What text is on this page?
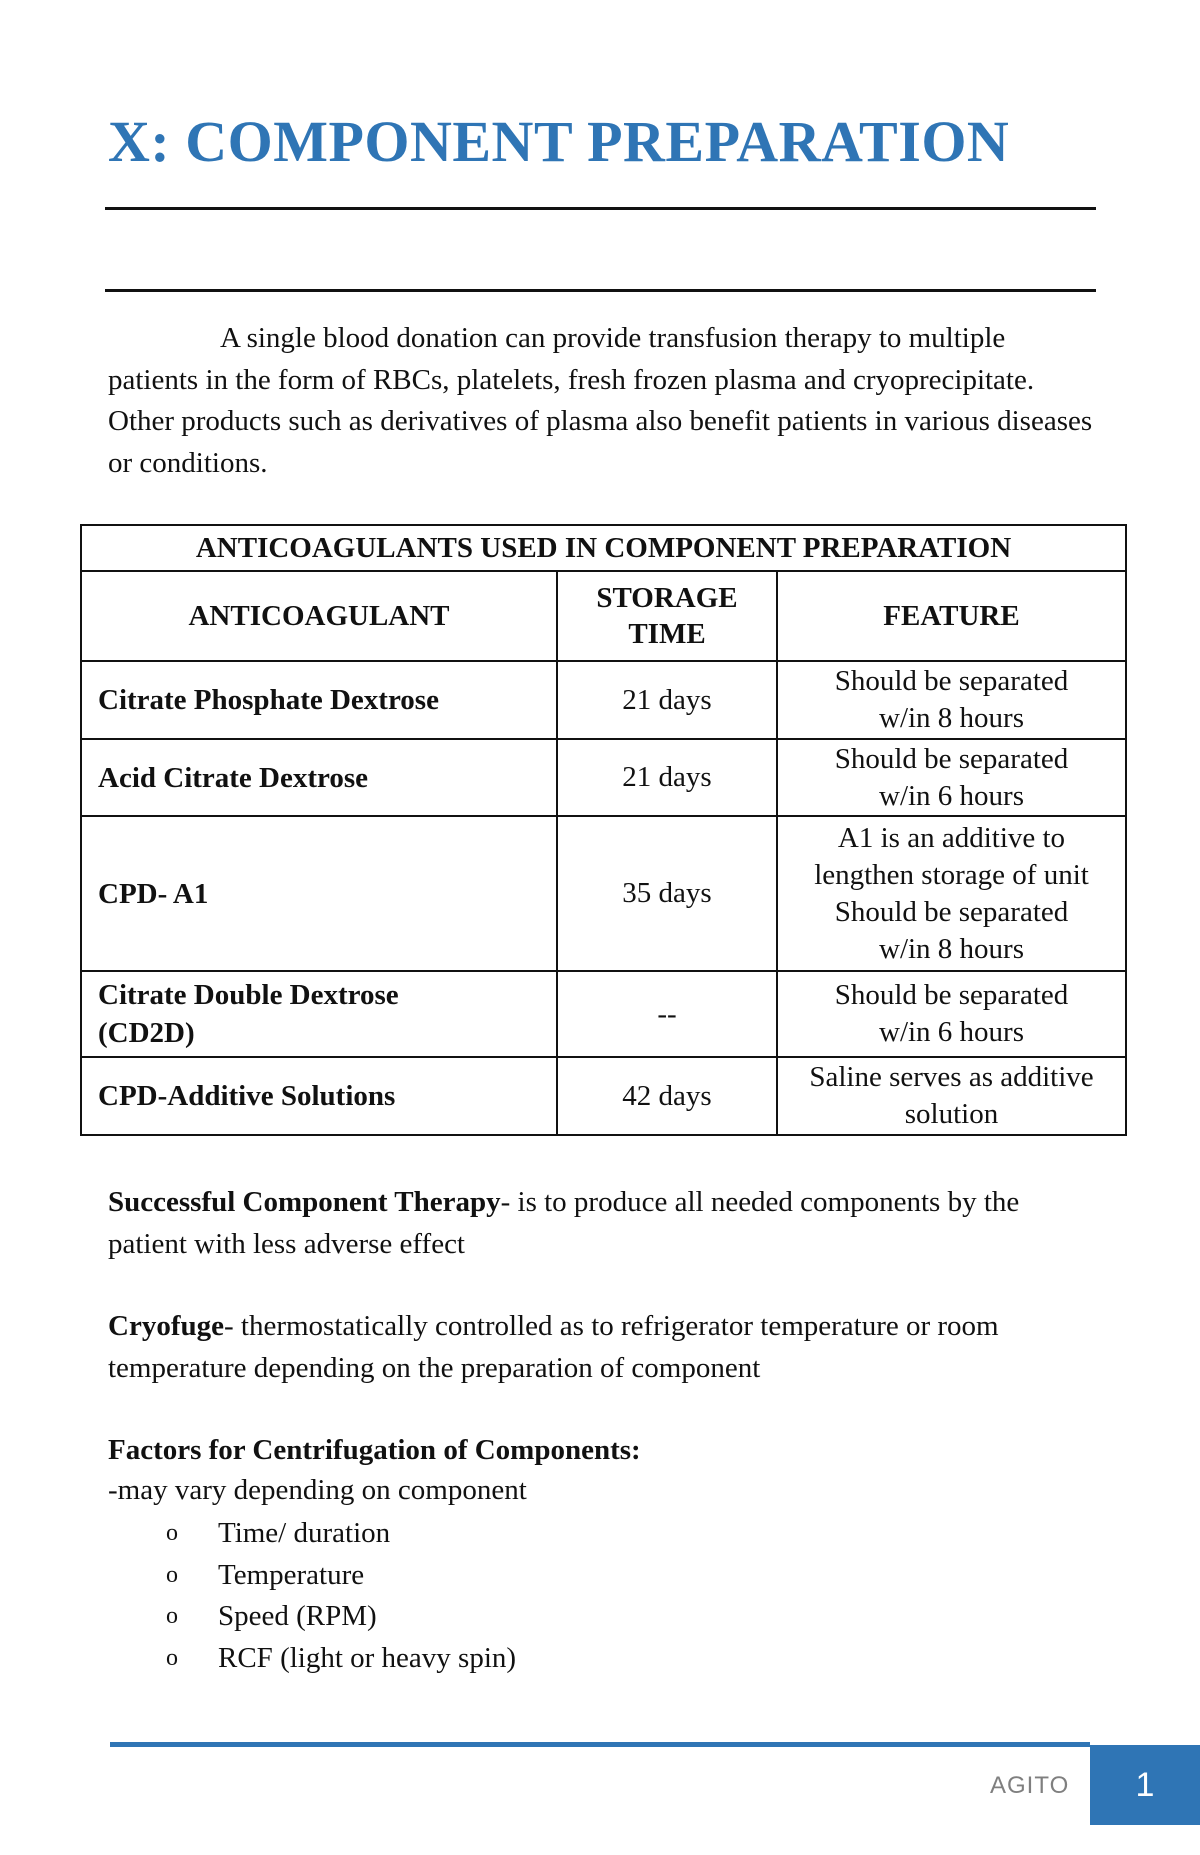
X: COMPONENT PREPARATION

A single blood donation can provide transfusion therapy to multiple patients in the form of RBCs, platelets, fresh frozen plasma and cryoprecipitate. Other products such as derivatives of plasma also benefit patients in various diseases or conditions.

ANTICOAGULANTS USED IN COMPONENT PREPARATION		
ANTICOAGULANT	STORAGE TIME	FEATURE

Citrate Phosphate Dextrose	21 days	Should be separated
w/in 8 hours

Acid Citrate Dextrose	21 days	Should be separated
w/in 6 hours

CPD- A1	35 days	A1 is an additive to
lengthen storage of unit
Should be separated
w/in 8 hours

Citrate Double Dextrose
(CD2D)	--	Should be separated
w/in 6 hours

CPD-Additive Solutions	42 days	Saline serves as additive
solution

Successful Component Therapy- is to produce all needed components by the patient with less adverse effect

Cryofuge- thermostatically controlled as to refrigerator temperature or room temperature depending on the preparation of component

Factors for Centrifugation of Components:
-may vary depending on component
o Time/ duration
o Temperature
o Speed (RPM)
o RCF (light or heavy spin)
AGITO	1
